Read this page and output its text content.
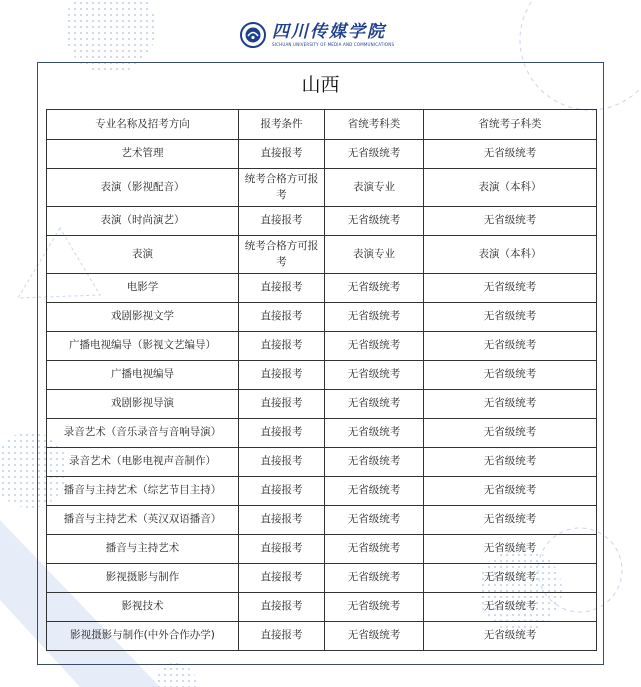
四川传媒学院
SICHUAN UNIVERSITY OF MEDIA AND COMMUNICATIONS
山西
专业名称及招考方向	报考条件	省统考科类	省统考子科类
艺术管理	直接报考	无省级统考	无省级统考
表演（影视配音）	统考合格方可报考	表演专业	表演（本科）
表演（时尚演艺）	直接报考	无省级统考	无省级统考
表演	统考合格方可报考	表演专业	表演（本科）
电影学	直接报考	无省级统考	无省级统考
戏剧影视文学	直接报考	无省级统考	无省级统考
广播电视编导（影视文艺编导）	直接报考	无省级统考	无省级统考
广播电视编导	直接报考	无省级统考	无省级统考
戏剧影视导演	直接报考	无省级统考	无省级统考
录音艺术（音乐录音与音响导演）	直接报考	无省级统考	无省级统考
录音艺术（电影电视声音制作）	直接报考	无省级统考	无省级统考
播音与主持艺术（综艺节目主持）	直接报考	无省级统考	无省级统考
播音与主持艺术（英汉双语播音）	直接报考	无省级统考	无省级统考
播音与主持艺术	直接报考	无省级统考	无省级统考
影视摄影与制作	直接报考	无省级统考	无省级统考
影视技术	直接报考	无省级统考	无省级统考
影视摄影与制作(中外合作办学)	直接报考	无省级统考	无省级统考
